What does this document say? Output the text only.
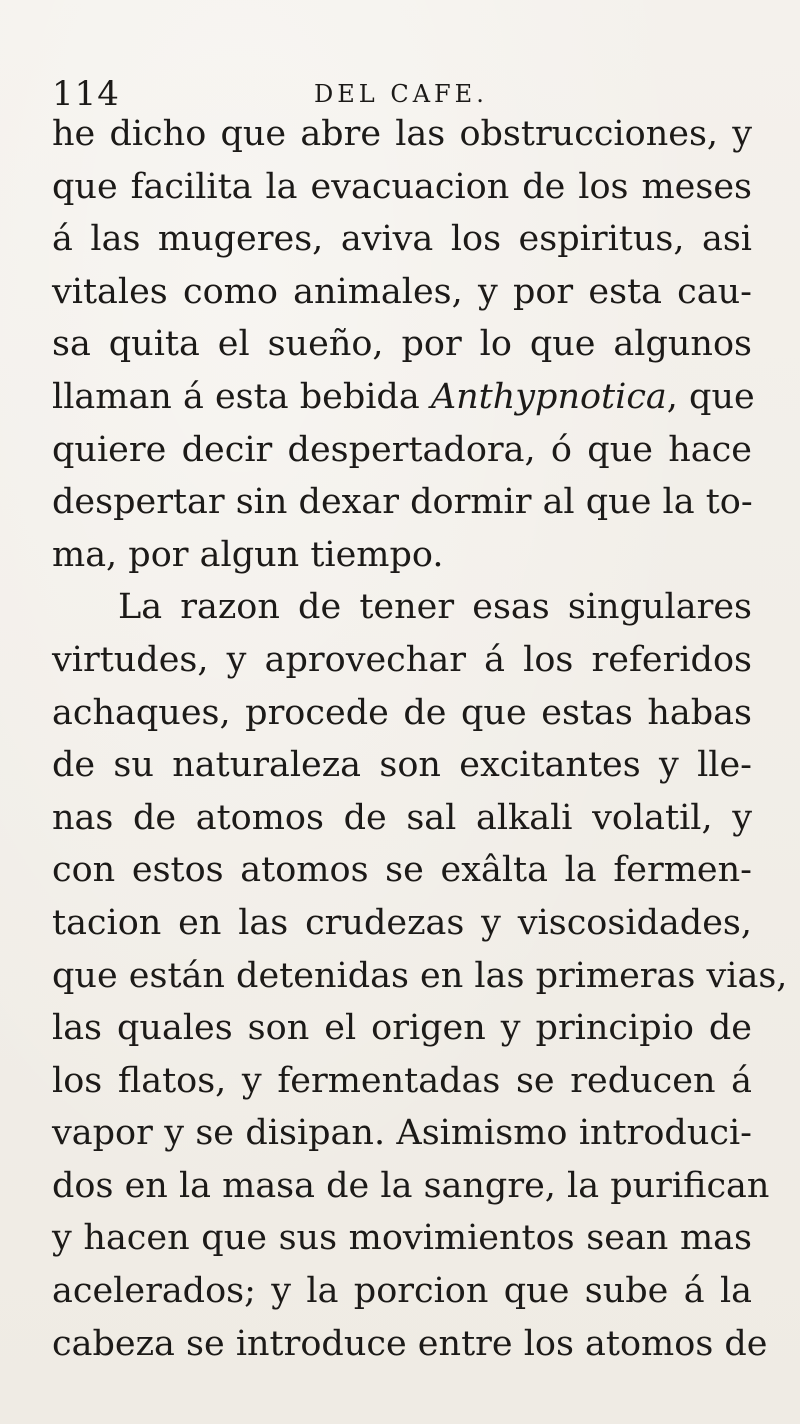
114	DEL CAFE.
he dicho que abre las obstrucciones, y
que facilita la evacuacion de los meses
á las mugeres, aviva los espiritus, asi
vitales como animales, y por esta cau-
sa quita el sueño, por lo que algunos
llaman á esta bebida Anthypnotica, que
quiere decir despertadora, ó que hace
despertar sin dexar dormir al que la to-
ma, por algun tiempo.
La razon de tener esas singulares
virtudes, y aprovechar á los referidos
achaques, procede de que estas habas
de su naturaleza son excitantes y lle-
nas de atomos de sal alkali volatil, y
con estos atomos se exâlta la fermen-
tacion en las crudezas y viscosidades,
que están detenidas en las primeras vias,
las quales son el origen y principio de
los flatos, y fermentadas se reducen á
vapor y se disipan. Asimismo introduci-
dos en la masa de la sangre, la purifican
y hacen que sus movimientos sean mas
acelerados; y la porcion que sube á la
cabeza se introduce entre los atomos de
